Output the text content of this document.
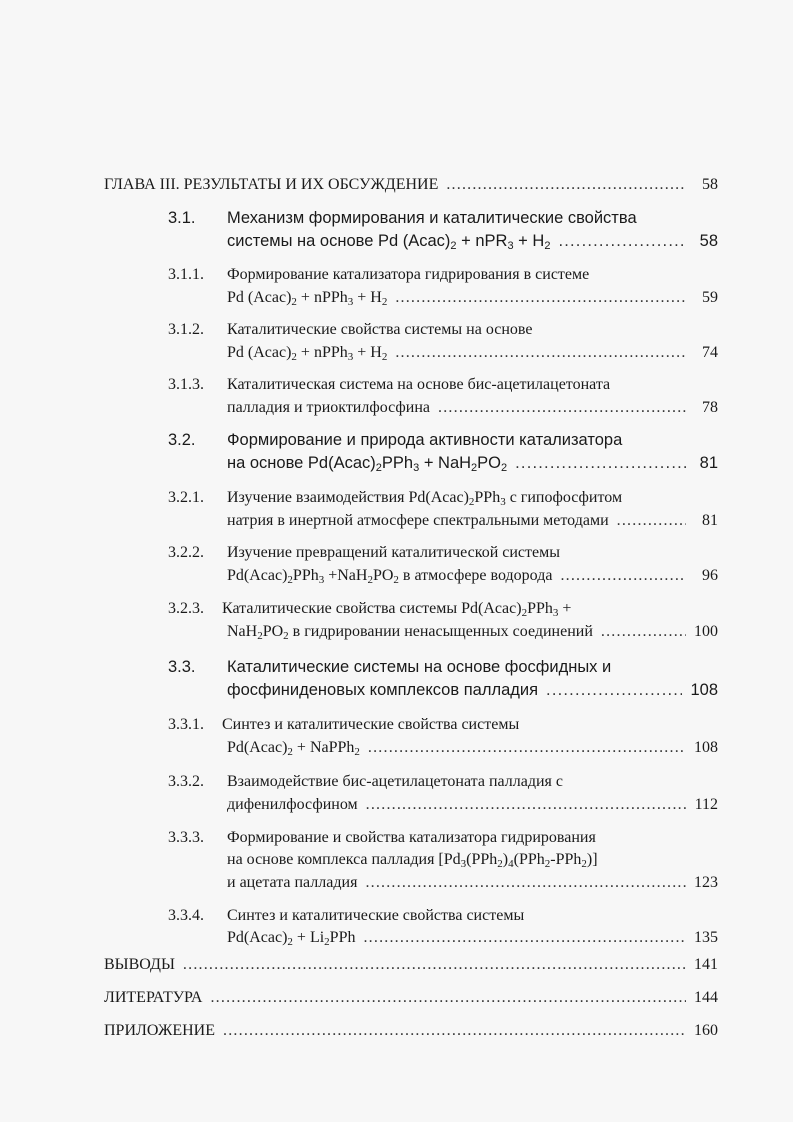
ГЛАВА III. РЕЗУЛЬТАТЫ И ИХ ОБСУЖДЕНИЕ .....	58
3.1. Механизм формирования и каталитические свойства
системы на основе Pd $(Acac)_2 + nPR_3 + H_2$ .....	58
3.1.1. Формирование катализатора гидрирования в системе
Pd $(Acac)_2$ + nPPh$_3$ + $H_2$ .....	59
3.1.2. Каталитические свойства системы на основе
Pd $(Acac)_2$ + nPPh$_3$ + $H_2$ .....	74
3.1.3. Каталитическая система на основе бис-ацетилацетоната
палладия и триоктилфосфина .....	78
3.2. Формирование и природа активности катализатора
на основе $Pd(Acac)_2PPh_3 + NaH_2PO_2$ .....	81
3.2.1. Изучение взаимодействия $Pd(Acac)_2PPh_3$ с гипофосфитом
натрия в инертной атмосфере спектральными методами .....	81
3.2.2. Изучение превращений каталитической системы
$Pd(Acac)_2PPh_3 +NaH_2PO_2$ в атмосфере водорода .....	96
3.2.3. Каталитические свойства системы $Pd(Acac)_2PPh_3$ +
$NaH_2PO_2$ в гидрировании ненасыщенных соединений .....	100
3.3. Каталитические системы на основе фосфидных и
фосфиниденовых комплексов палладия .....	108
3.3.1. Синтез и каталитические свойства системы
$Pd(Acac)_2$ + NaPPh$_2$ .....	108
3.3.2. Взаимодействие бис-ацетилацетоната палладия с
дифенилфосфином .....	112
3.3.3. Формирование и свойства катализатора гидрирования
на основе комплекса палладия $[Pd_3(PPh_2)_4(PPh_2-PPh_2)]$
и ацетата палладия .....	123
3.3.4. Синтез и каталитические свойства системы
$Pd(Acac)_2 + Li_2PPh$ .....	135
ВЫВОДЫ .....	141
ЛИТЕРАТУРА .....	144
ПРИЛОЖЕНИЕ .....	160
